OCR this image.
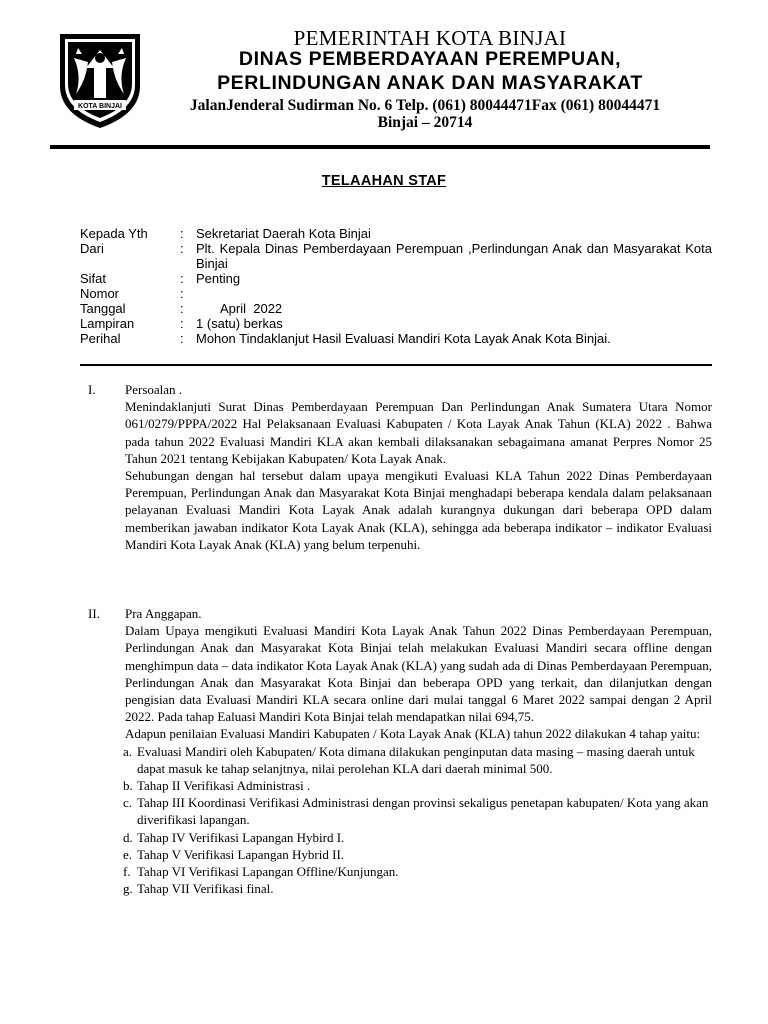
KOTA BINJAI
PEMERINTAH KOTA BINJAI
DINAS PEMBERDAYAAN PEREMPUAN,
PERLINDUNGAN ANAK DAN MASYARAKAT
JalanJenderal Sudirman No. 6 Telp. (061) 80044471Fax (061) 80044471
Binjai – 20714
TELAAHAN STAF
Kepada Yth	: Sekretariat Daerah Kota Binjai
Dari	: Plt. Kepala Dinas Pemberdayaan Perempuan ,Perlindungan Anak dan Masyarakat Kota Binjai
Sifat	: Penting
Nomor	:
Tanggal	:	April  2022
Lampiran	: 1 (satu) berkas
Perihal	: Mohon Tindaklanjut Hasil Evaluasi Mandiri Kota Layak Anak Kota Binjai.
I. Persoalan .
Menindaklanjuti Surat Dinas Pemberdayaan Perempuan Dan Perlindungan Anak Sumatera Utara Nomor 061/0279/PPPA/2022 Hal Pelaksanaan Evaluasi Kabupaten / Kota Layak Anak Tahun (KLA) 2022 . Bahwa pada tahun 2022 Evaluasi Mandiri KLA akan kembali dilaksanakan sebagaimana amanat Perpres Nomor 25 Tahun 2021 tentang Kebijakan Kabupaten/ Kota Layak Anak.
Sehubungan dengan hal tersebut dalam upaya mengikuti Evaluasi KLA Tahun 2022 Dinas Pemberdayaan Perempuan, Perlindungan Anak dan Masyarakat Kota Binjai menghadapi beberapa kendala dalam pelaksanaan pelayanan Evaluasi Mandiri Kota Layak Anak adalah kurangnya dukungan dari beberapa OPD dalam memberikan jawaban indikator Kota Layak Anak (KLA), sehingga ada beberapa indikator – indikator Evaluasi Mandiri Kota Layak Anak (KLA) yang belum terpenuhi.
II. Pra Anggapan.
Dalam Upaya mengikuti Evaluasi Mandiri Kota Layak Anak Tahun 2022 Dinas Pemberdayaan Perempuan, Perlindungan Anak dan Masyarakat Kota Binjai telah melakukan Evaluasi Mandiri secara offline dengan menghimpun data – data indikator Kota Layak Anak (KLA) yang sudah ada di Dinas Pemberdayaan Perempuan, Perlindungan Anak dan Masyarakat Kota Binjai dan beberapa OPD yang terkait, dan dilanjutkan dengan pengisian data Evaluasi Mandiri KLA secara online dari mulai tanggal 6 Maret 2022 sampai dengan 2 April 2022. Pada tahap Ealuasi Mandiri Kota Binjai telah mendapatkan nilai 694,75.
Adapun penilaian Evaluasi Mandiri Kabupaten / Kota Layak Anak (KLA) tahun 2022 dilakukan 4 tahap yaitu:
a. Evaluasi Mandiri oleh Kabupaten/ Kota dimana dilakukan penginputan data masing – masing daerah untuk dapat masuk ke tahap selanjtnya, nilai perolehan KLA dari daerah minimal 500.
b. Tahap II Verifikasi Administrasi .
c. Tahap III Koordinasi Verifikasi Administrasi dengan provinsi sekaligus penetapan kabupaten/ Kota yang akan diverifikasi lapangan.
d. Tahap IV Verifikasi Lapangan Hybird I.
e. Tahap V Verifikasi Lapangan Hybrid II.
f. Tahap VI Verifikasi Lapangan Offline/Kunjungan.
g. Tahap VII Verifikasi final.
